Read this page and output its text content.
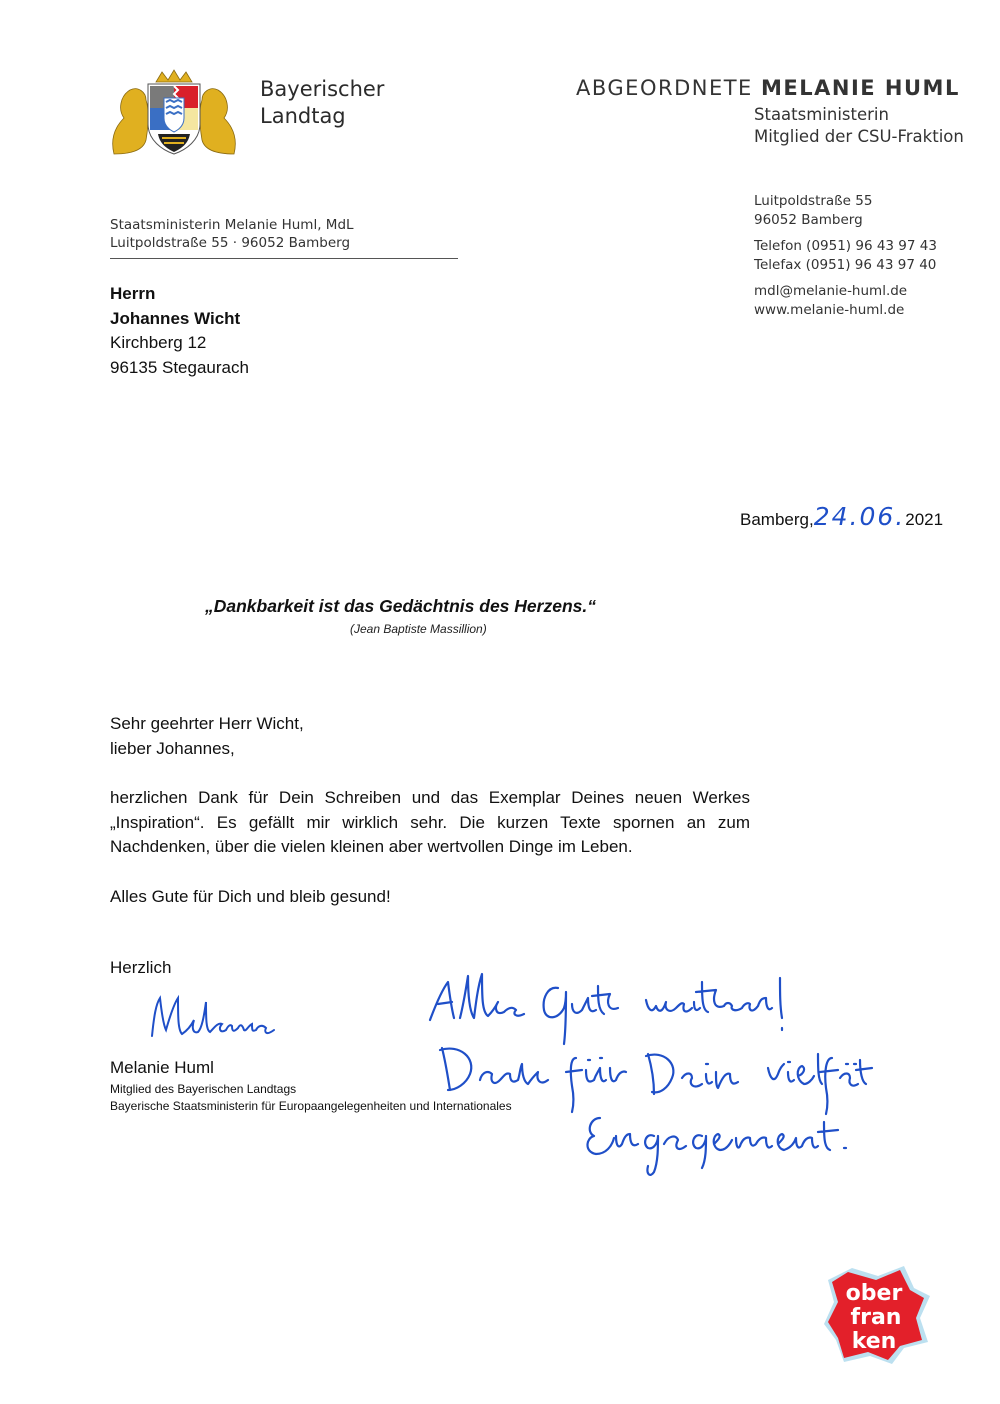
Bayerischer
Landtag
ABGEORDNETE MELANIE HUML
Staatsministerin
Mitglied der CSU-Fraktion
Luitpoldstraße 55
96052 Bamberg
Telefon (0951) 96 43 97 43
Telefax (0951) 96 43 97 40
mdl@melanie-huml.de
www.melanie-huml.de
Staatsministerin Melanie Huml, MdL
Luitpoldstraße 55 · 96052 Bamberg
Herrn
Johannes Wicht
Kirchberg 12
96135 Stegaurach
Bamberg,24.06.2021
„Dankbarkeit ist das Gedächtnis des Herzens.“
(Jean Baptiste Massillion)

Sehr geehrter Herr Wicht,

lieber Johannes,

herzlichen Dank für Dein Schreiben und das Exemplar Deines neuen Werkes „Inspiration“. Es gefällt mir wirklich sehr. Die kurzen Texte spornen an zum Nachdenken, über die vielen kleinen aber wertvollen Dinge im Leben.

Alles Gute für Dich und bleib gesund!

Herzlich
Melanie Huml
Mitglied des Bayerischen Landtags
Bayerische Staatsministerin für Europaangelegenheiten und Internationales
ober
fran
ken
